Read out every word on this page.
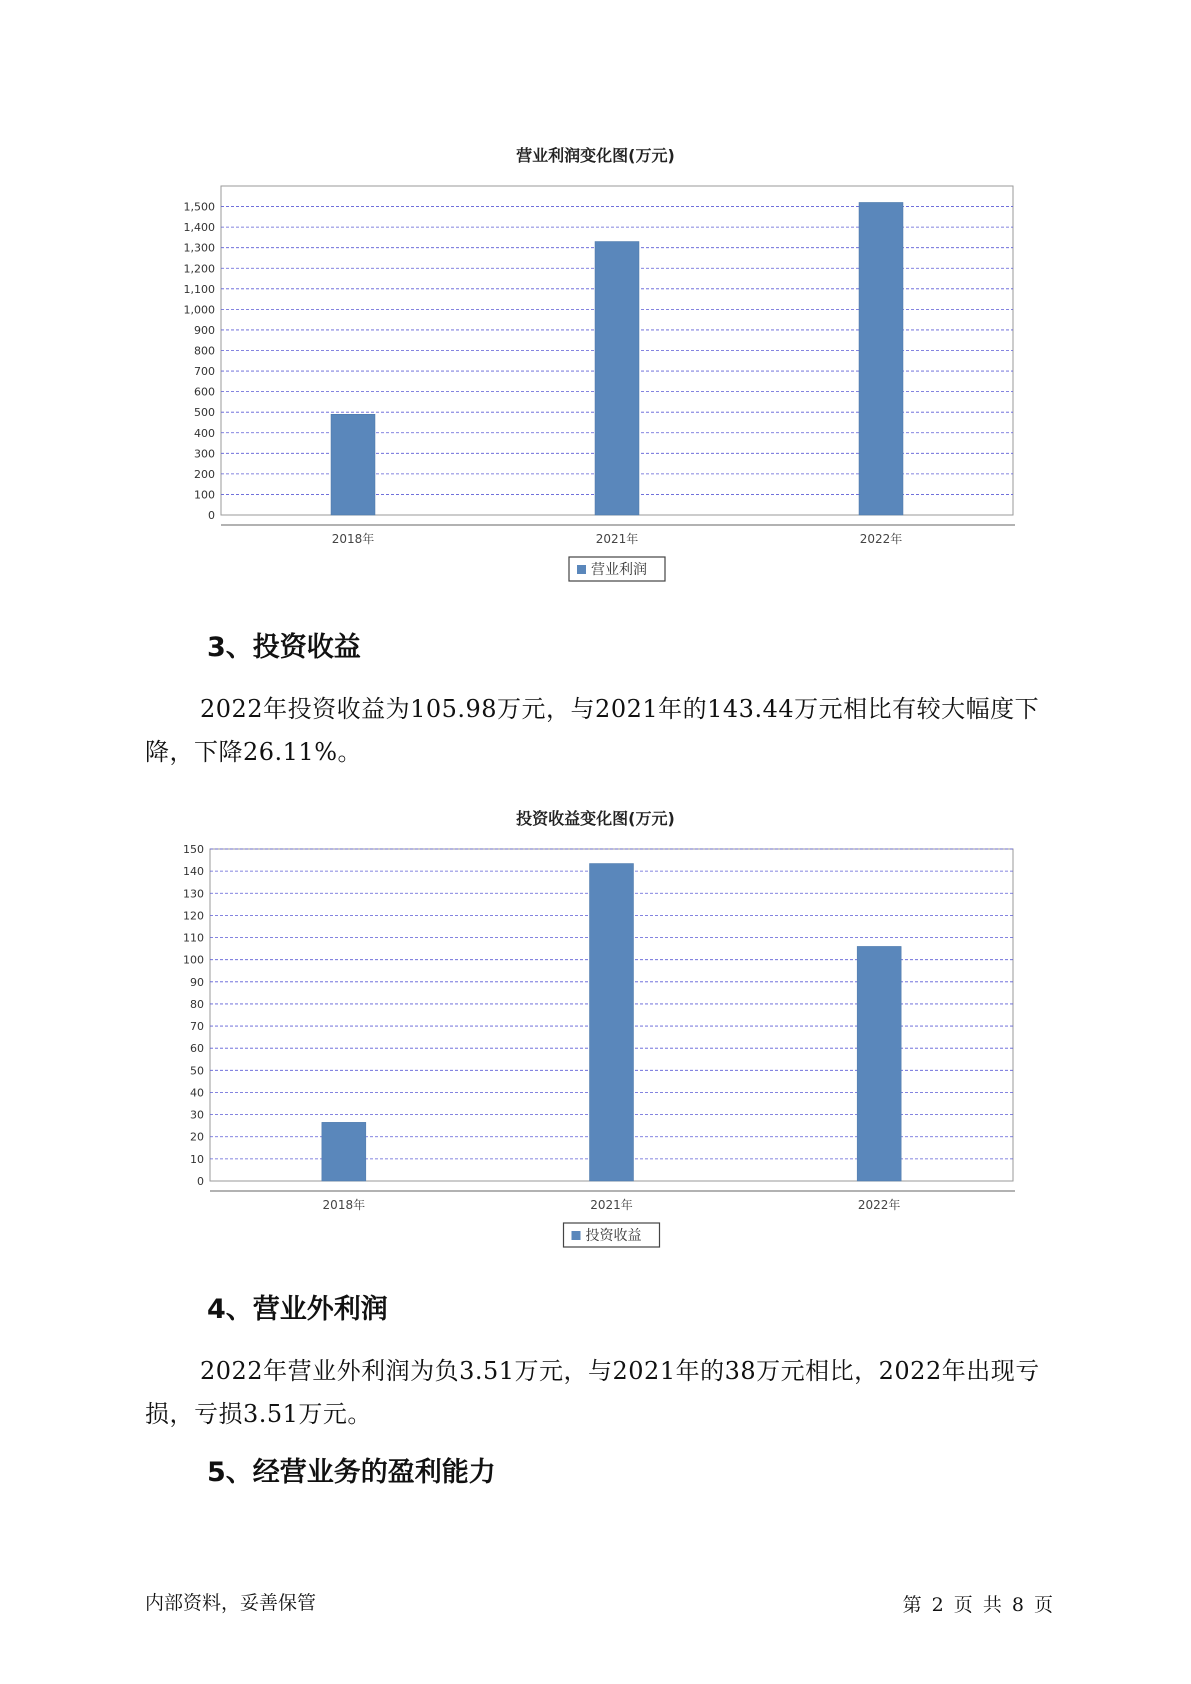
营业利润变化图(万元)
0
100
200
300
400
500
600
700
800
900
1,000
1,100
1,200
1,300
1,400
1,500
2018年	2021年	2022年
营业利润
3、投资收益
2022年投资收益为105.98万元，与2021年的143.44万元相比有较大幅度下降，下降26.11%。
投资收益变化图(万元)
0
10
20
30
40
50
60
70
80
90
100
110
120
130
140
150
2018年	2021年	2022年
投资收益
4、营业外利润
2022年营业外利润为负3.51万元，与2021年的38万元相比，2022年出现亏损，亏损3.51万元。
5、经营业务的盈利能力
内部资料，妥善保管	第 2 页 共 8 页
